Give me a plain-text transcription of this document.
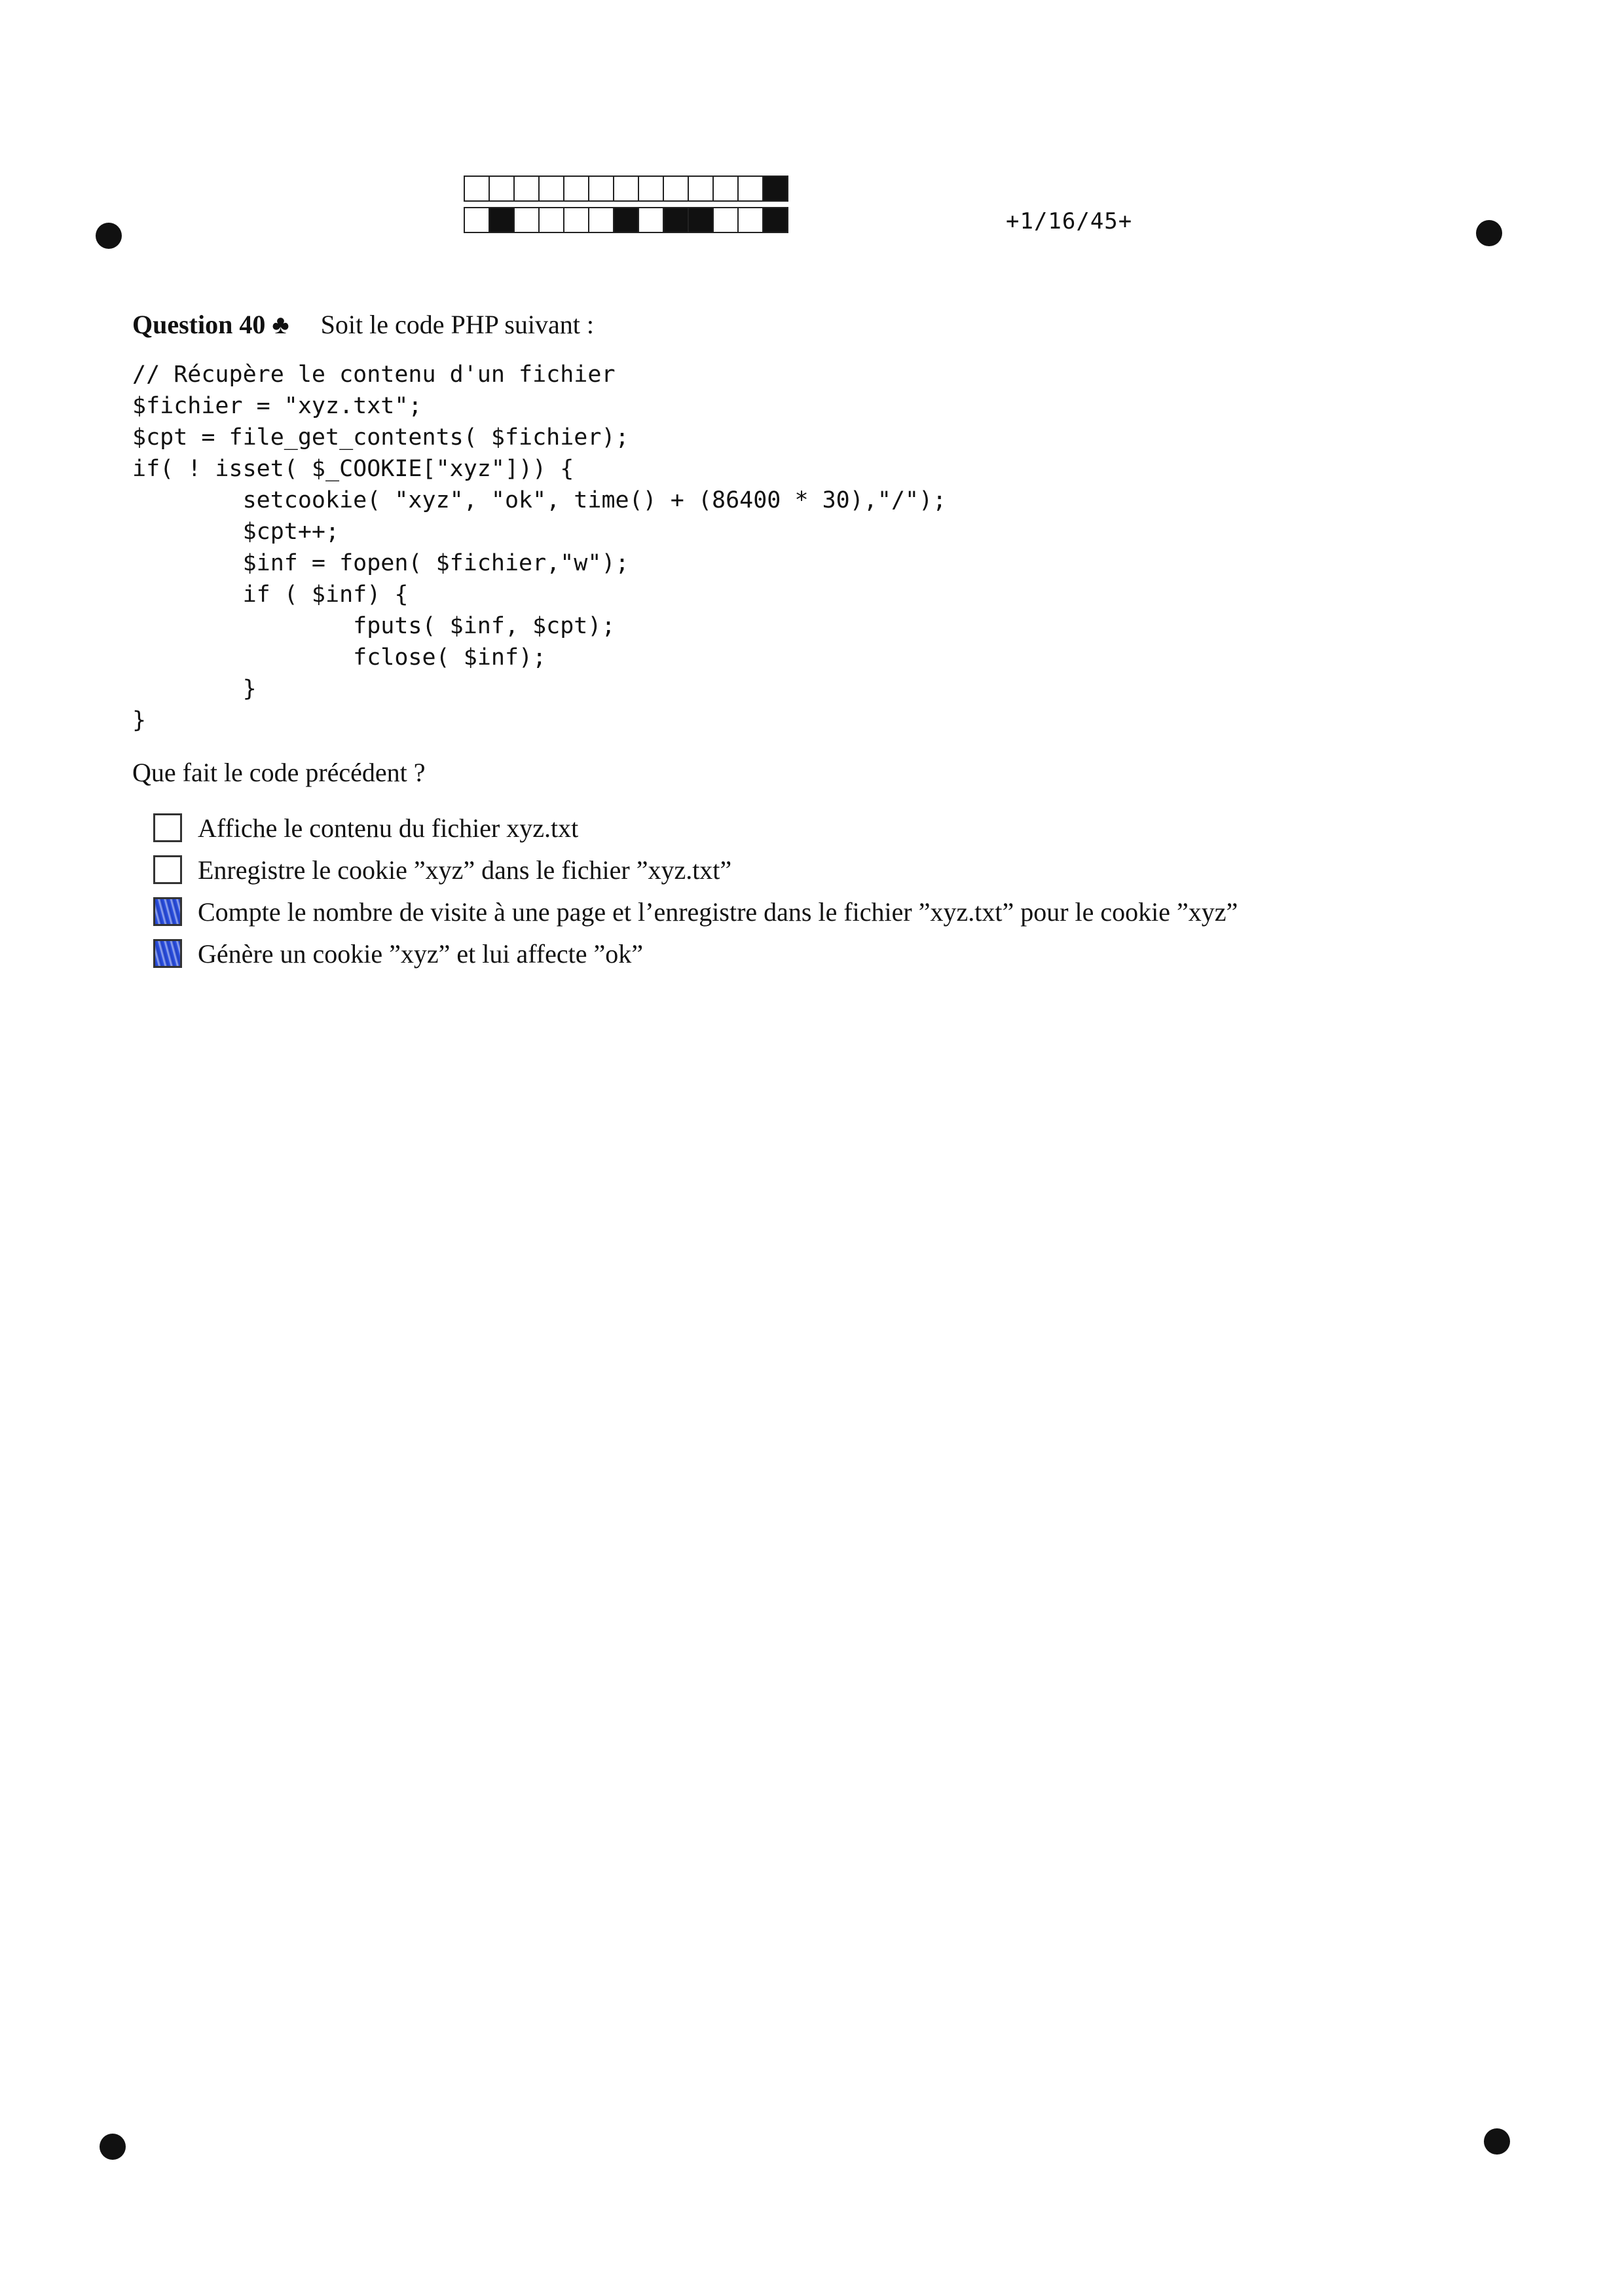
+1/16/45+
Question 40 ♣ Soit le code PHP suivant :
// Récupère le contenu d'un fichier
$fichier = "xyz.txt";
$cpt = file_get_contents( $fichier);
if( ! isset( $_COOKIE["xyz"])) {
setcookie( "xyz", "ok", time() + (86400 * 30),"/");
$cpt++;
$inf = fopen( $fichier,"w");
if ( $inf) {
fputs( $inf, $cpt);
fclose( $inf);
}
}
Que fait le code précédent ?
Affiche le contenu du fichier xyz.txt
Enregistre le cookie ”xyz” dans le fichier ”xyz.txt”
Compte le nombre de visite à une page et l’enregistre dans le fichier ”xyz.txt” pour le cookie ”xyz”
Génère un cookie ”xyz” et lui affecte ”ok”
